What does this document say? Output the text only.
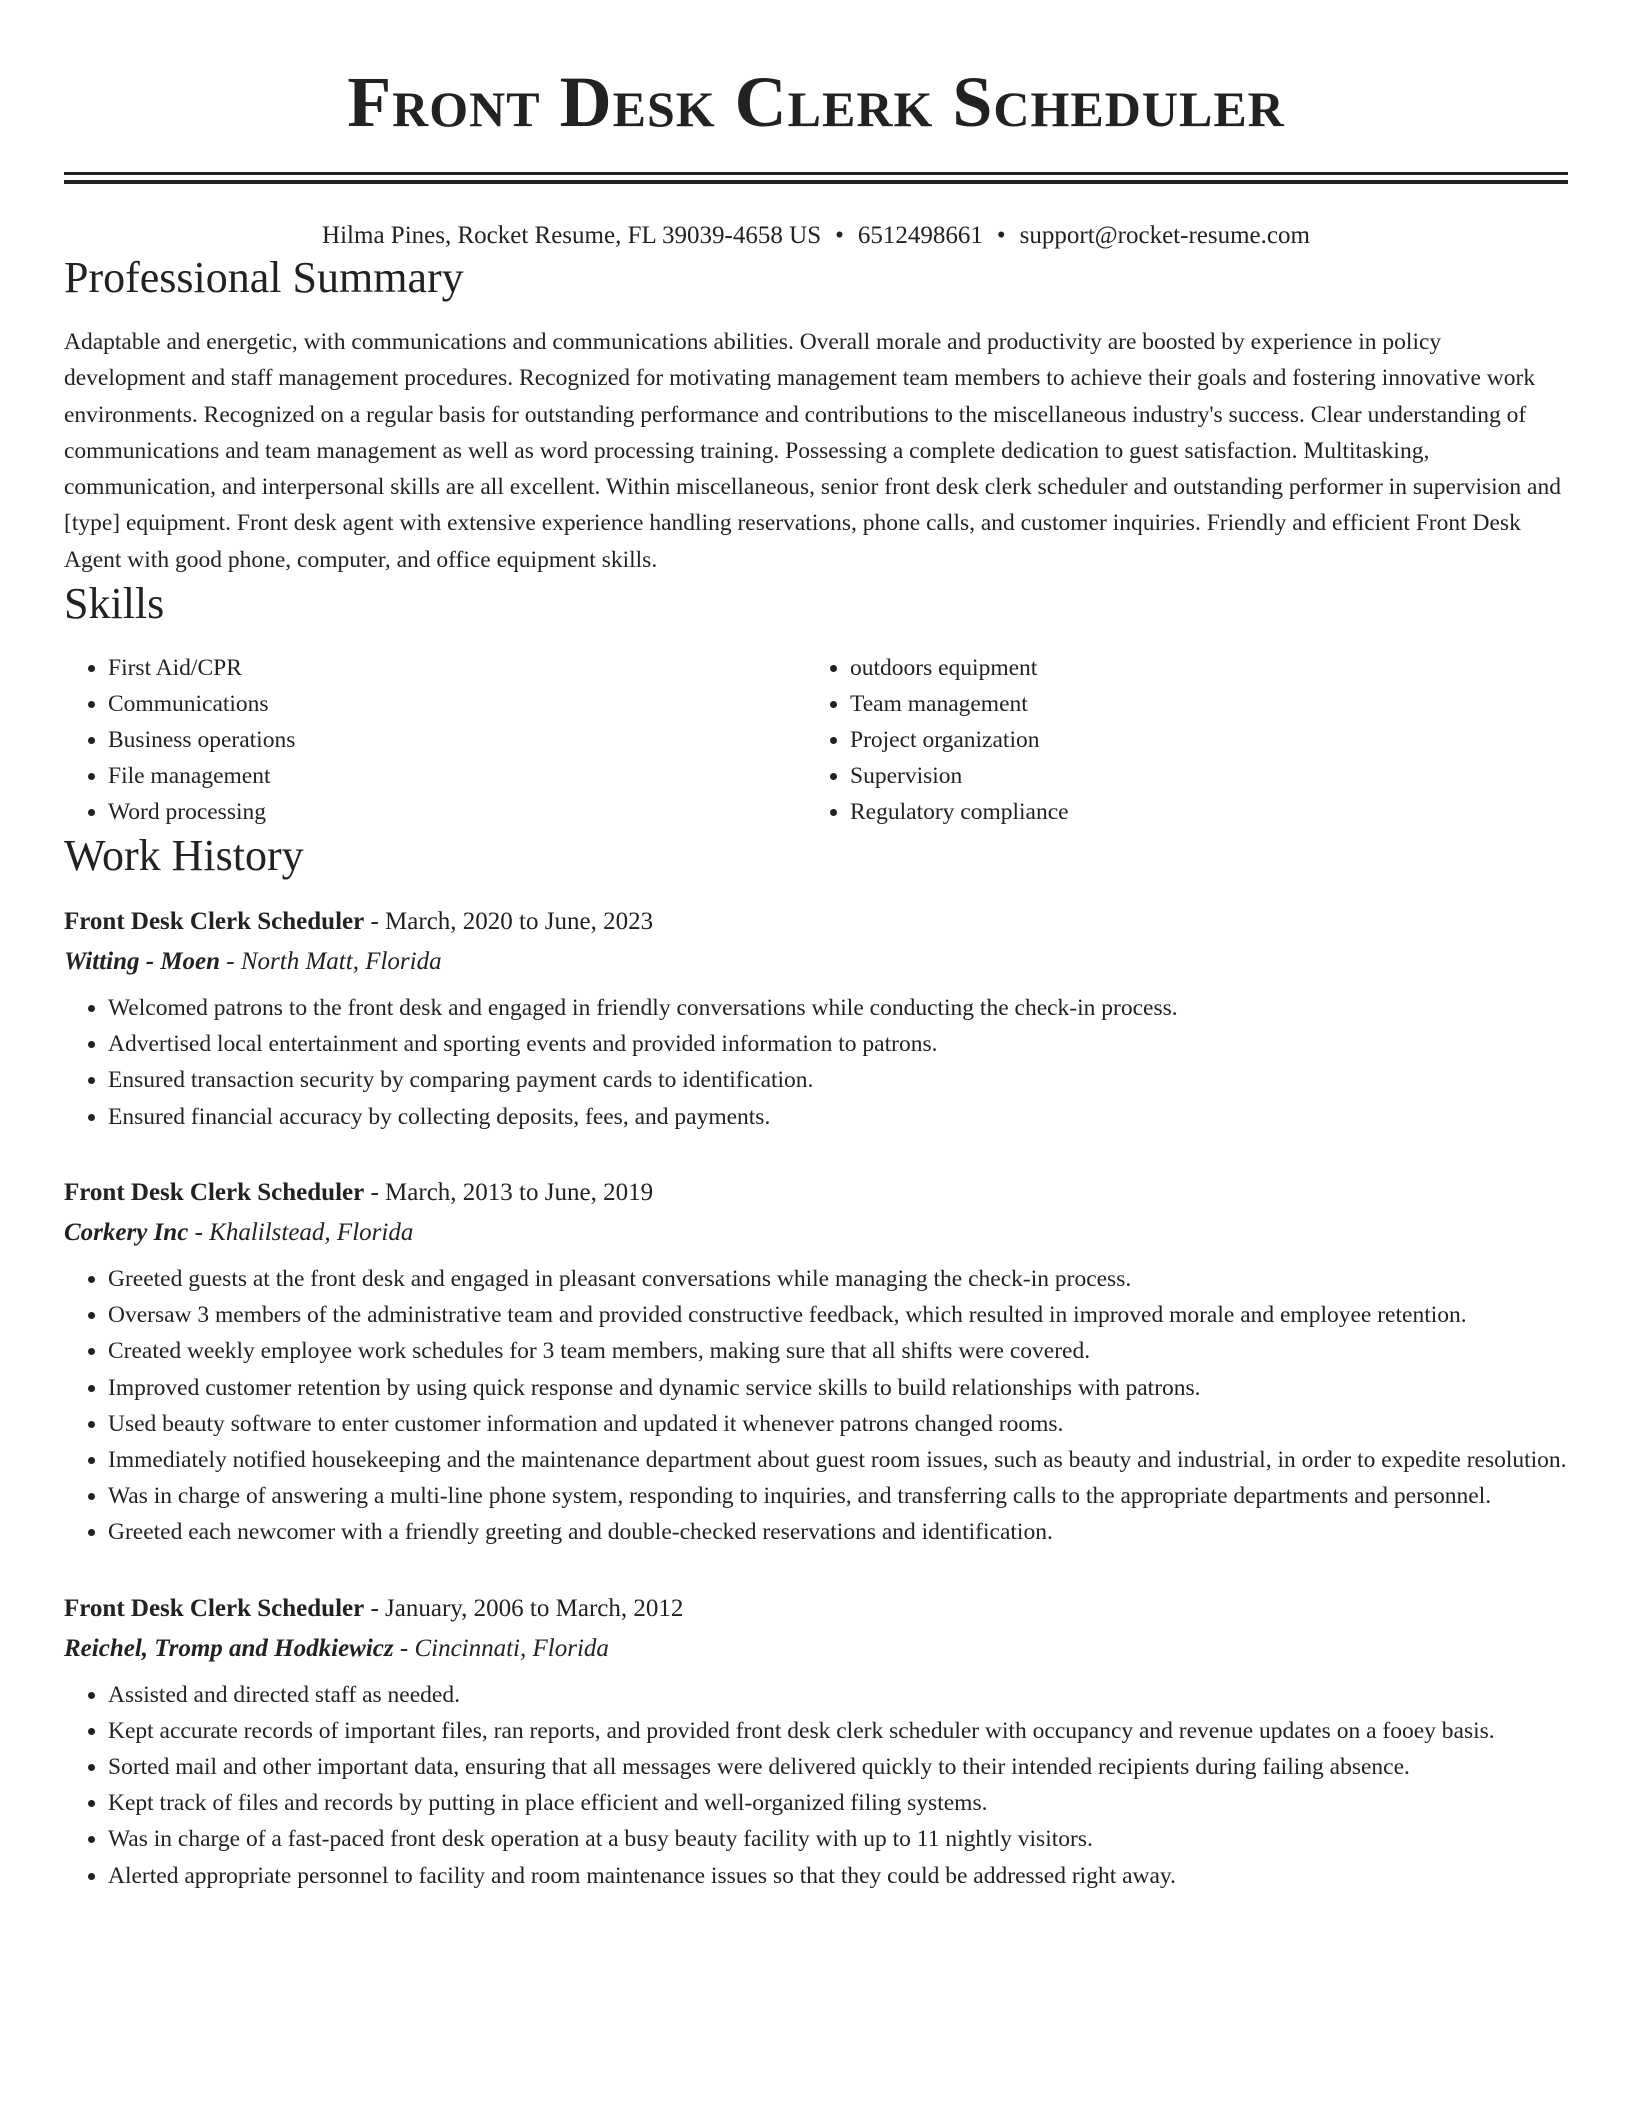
Front Desk Clerk Scheduler
Hilma Pines, Rocket Resume, FL 39039-4658 US • 6512498661 • support@rocket-resume.com
Professional Summary

Adaptable and energetic, with communications and communications abilities. Overall morale and productivity are boosted by experience in policy development and staff management procedures. Recognized for motivating management team members to achieve their goals and fostering innovative work environments. Recognized on a regular basis for outstanding performance and contributions to the miscellaneous industry's success. Clear understanding of communications and team management as well as word processing training. Possessing a complete dedication to guest satisfaction. Multitasking, communication, and interpersonal skills are all excellent. Within miscellaneous, senior front desk clerk scheduler and outstanding performer in supervision and [type] equipment. Front desk agent with extensive experience handling reservations, phone calls, and customer inquiries. Friendly and efficient Front Desk Agent with good phone, computer, and office equipment skills.

Skills
• First Aid/CPR
• Communications
• Business operations
• File management
• Word processing
• outdoors equipment
• Team management
• Project organization
• Supervision
• Regulatory compliance
Work History
Front Desk Clerk Scheduler - March, 2020 to June, 2023
Witting - Moen - North Matt, Florida
• Welcomed patrons to the front desk and engaged in friendly conversations while conducting the check-in process.
• Advertised local entertainment and sporting events and provided information to patrons.
• Ensured transaction security by comparing payment cards to identification.
• Ensured financial accuracy by collecting deposits, fees, and payments.
Front Desk Clerk Scheduler - March, 2013 to June, 2019
Corkery Inc - Khalilstead, Florida
• Greeted guests at the front desk and engaged in pleasant conversations while managing the check-in process.
• Oversaw 3 members of the administrative team and provided constructive feedback, which resulted in improved morale and employee retention.
• Created weekly employee work schedules for 3 team members, making sure that all shifts were covered.
• Improved customer retention by using quick response and dynamic service skills to build relationships with patrons.
• Used beauty software to enter customer information and updated it whenever patrons changed rooms.
• Immediately notified housekeeping and the maintenance department about guest room issues, such as beauty and industrial, in order to expedite resolution.
• Was in charge of answering a multi-line phone system, responding to inquiries, and transferring calls to the appropriate departments and personnel.
• Greeted each newcomer with a friendly greeting and double-checked reservations and identification.
Front Desk Clerk Scheduler - January, 2006 to March, 2012
Reichel, Tromp and Hodkiewicz - Cincinnati, Florida
• Assisted and directed staff as needed.
• Kept accurate records of important files, ran reports, and provided front desk clerk scheduler with occupancy and revenue updates on a fooey basis.
• Sorted mail and other important data, ensuring that all messages were delivered quickly to their intended recipients during failing absence.
• Kept track of files and records by putting in place efficient and well-organized filing systems.
• Was in charge of a fast-paced front desk operation at a busy beauty facility with up to 11 nightly visitors.
• Alerted appropriate personnel to facility and room maintenance issues so that they could be addressed right away.
